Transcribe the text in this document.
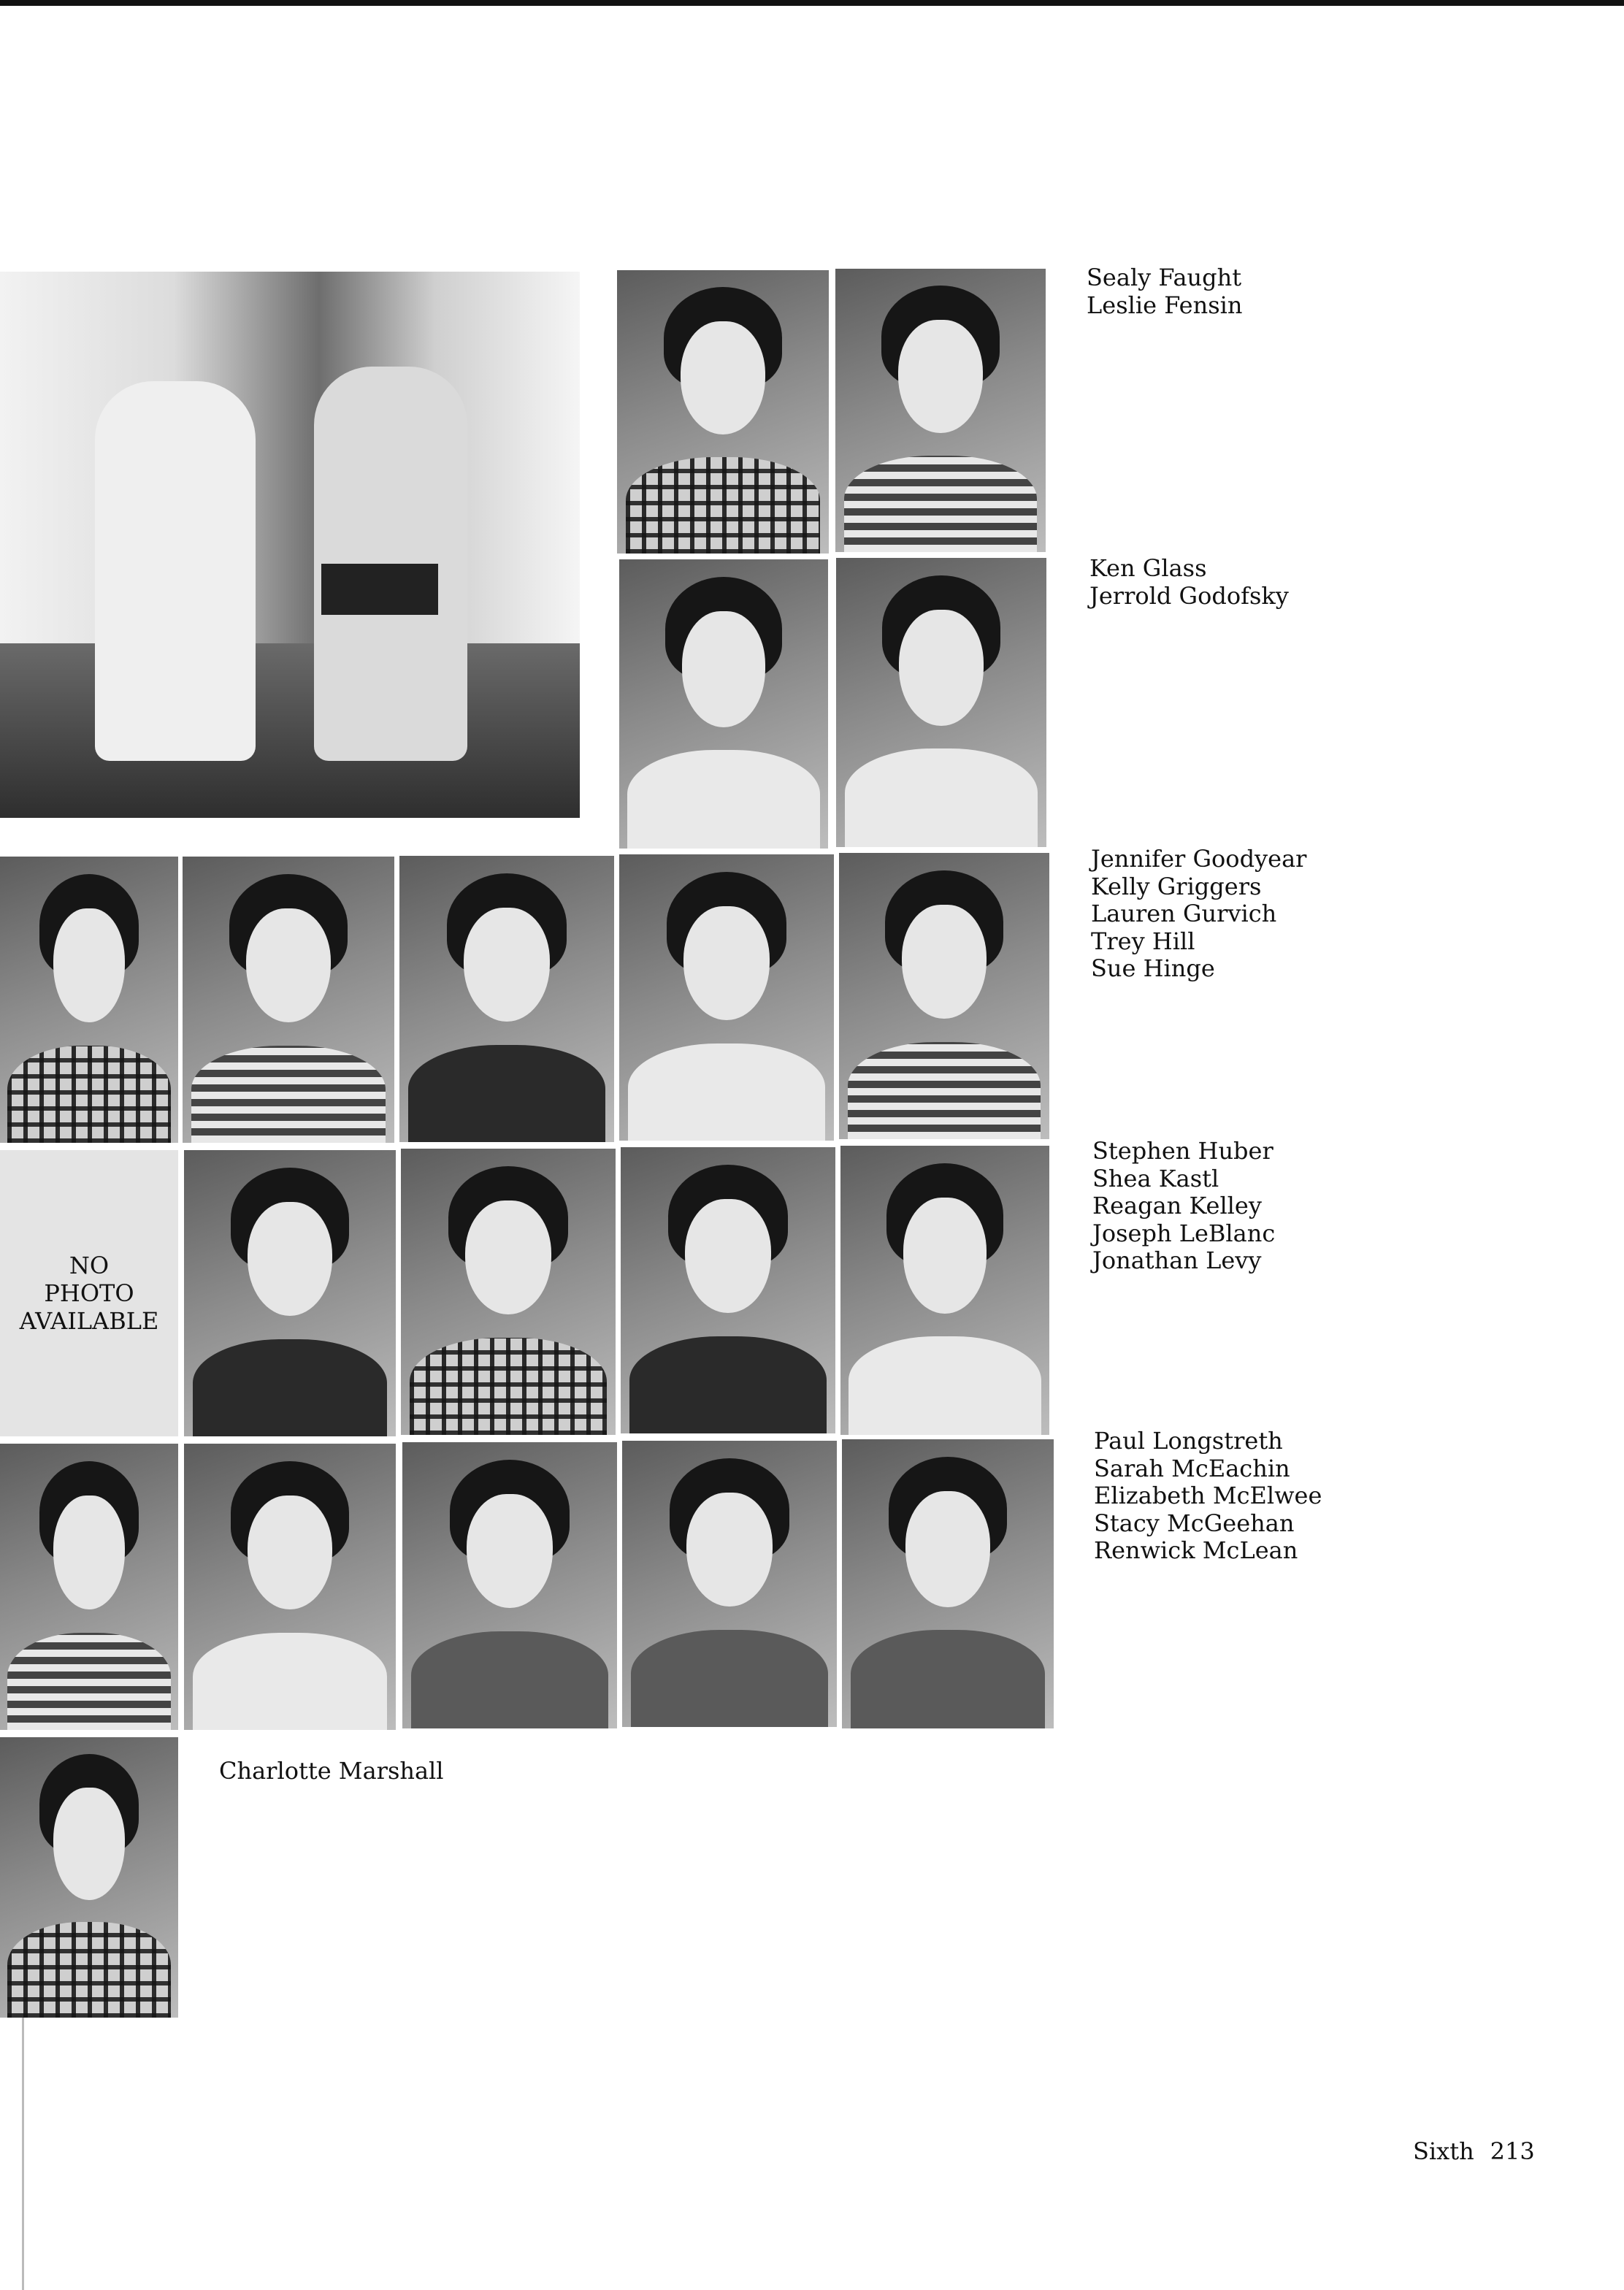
NO
PHOTO
AVAILABLE
Sealy Faught
Leslie Fensin
Ken Glass
Jerrold Godofsky
Jennifer Goodyear
Kelly Griggers
Lauren Gurvich
Trey Hill
Sue Hinge
Stephen Huber
Shea Kastl
Reagan Kelley
Joseph LeBlanc
Jonathan Levy
Paul Longstreth
Sarah McEachin
Elizabeth McElwee
Stacy McGeehan
Renwick McLean
Charlotte Marshall
Sixth 213
